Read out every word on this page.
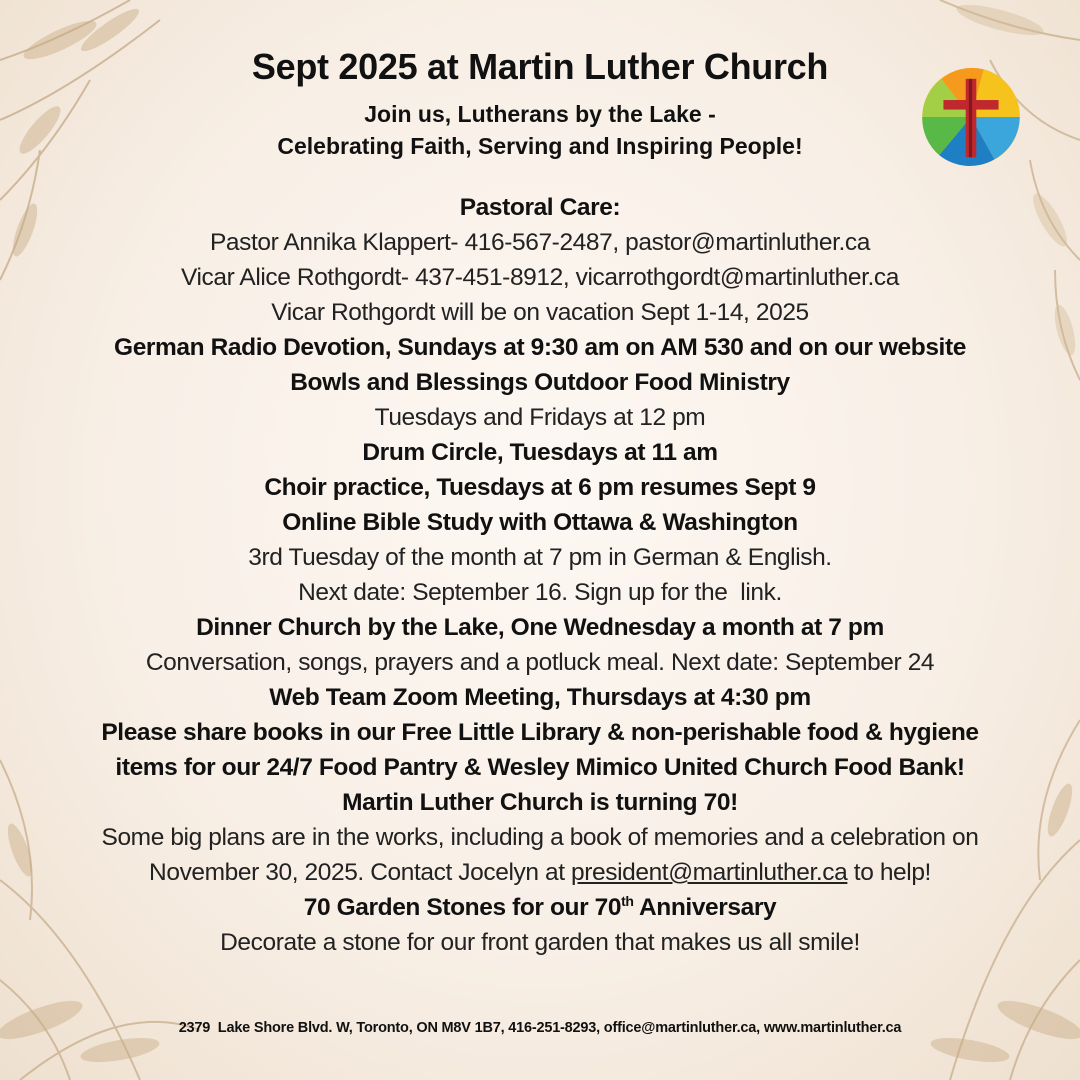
Sept 2025 at Martin Luther Church
Join us, Lutherans by the Lake -
Celebrating Faith, Serving and Inspiring People!
Pastoral Care:
Pastor Annika Klappert- 416-567-2487, pastor@martinluther.ca
Vicar Alice Rothgordt- 437-451-8912, vicarrothgordt@martinluther.ca
Vicar Rothgordt will be on vacation Sept 1-14, 2025
German Radio Devotion, Sundays at 9:30 am on AM 530 and on our website
Bowls and Blessings Outdoor Food Ministry
Tuesdays and Fridays at 12 pm
Drum Circle, Tuesdays at 11 am
Choir practice, Tuesdays at 6 pm resumes Sept 9
Online Bible Study with Ottawa & Washington
3rd Tuesday of the month at 7 pm in German & English.
Next date: September 16. Sign up for the  link.
Dinner Church by the Lake, One Wednesday a month at 7 pm
Conversation, songs, prayers and a potluck meal. Next date: September 24
Web Team Zoom Meeting, Thursdays at 4:30 pm
Please share books in our Free Little Library & non-perishable food & hygiene
items for our 24/7 Food Pantry & Wesley Mimico United Church Food Bank!
Martin Luther Church is turning 70!
Some big plans are in the works, including a book of memories and a celebration on
November 30, 2025. Contact Jocelyn at president@martinluther.ca to help!
70 Garden Stones for our 70th Anniversary
Decorate a stone for our front garden that makes us all smile!
2379  Lake Shore Blvd. W, Toronto, ON M8V 1B7, 416-251-8293, office@martinluther.ca, www.martinluther.ca
